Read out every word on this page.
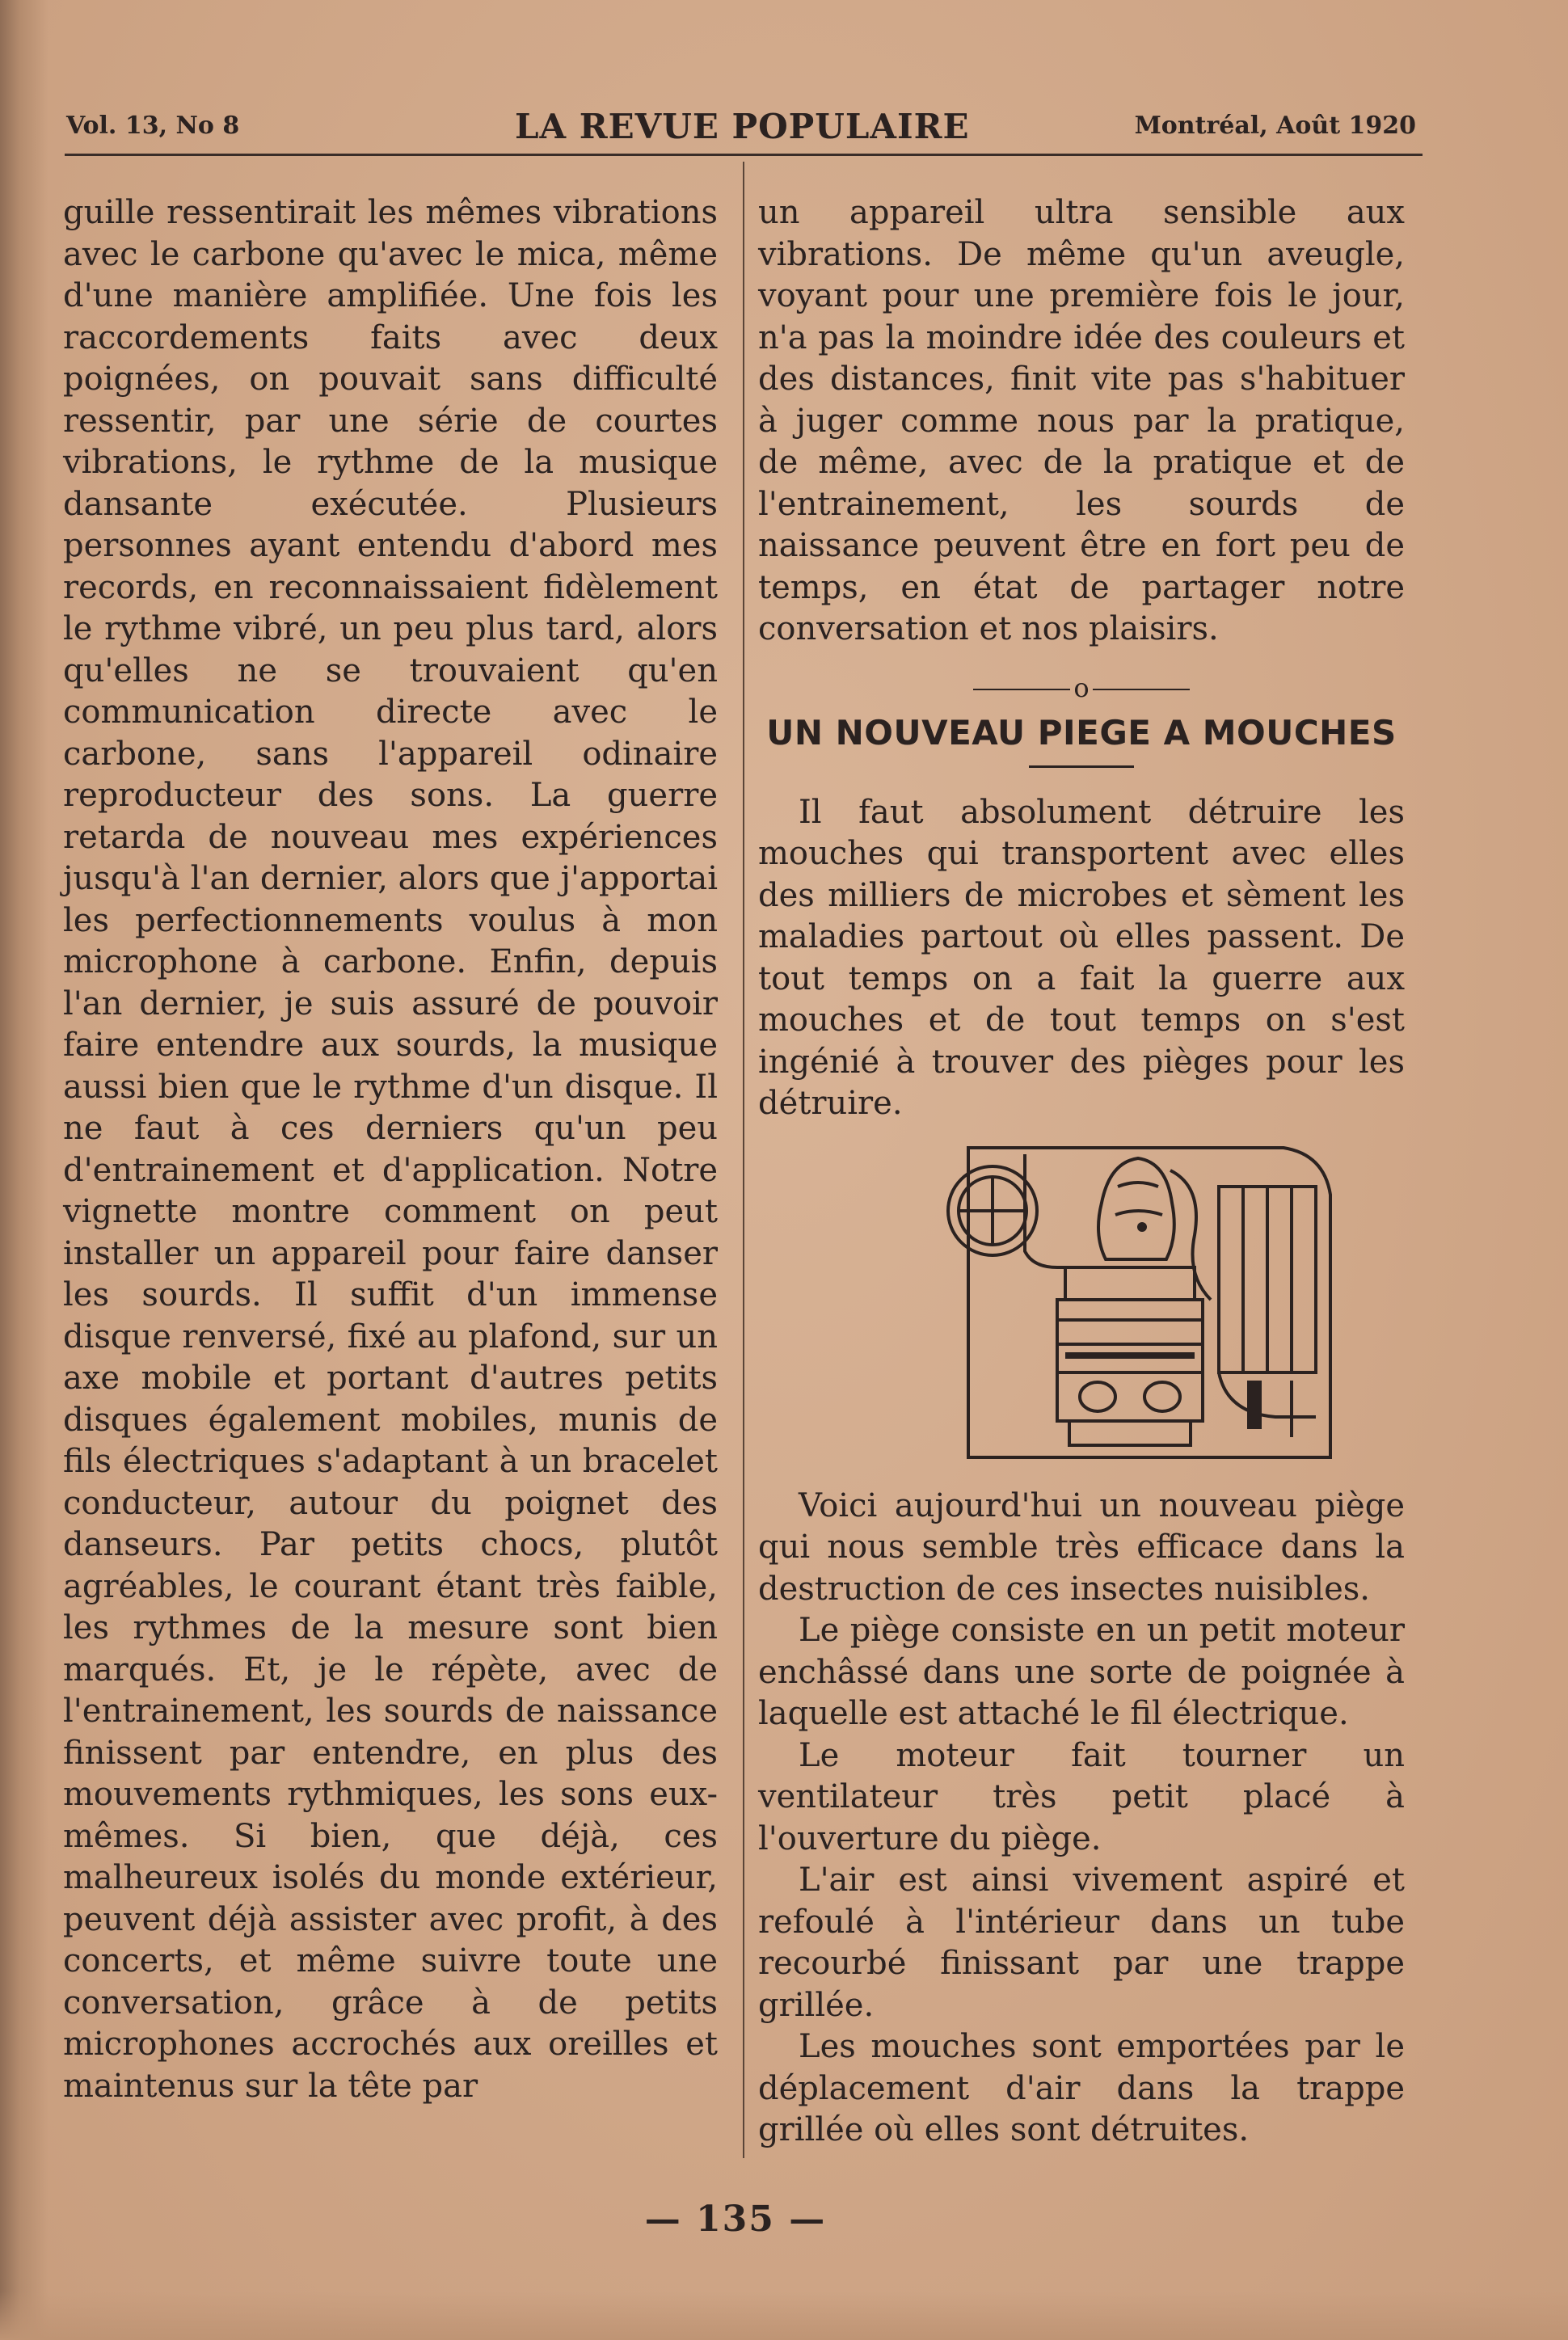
Vol. 13, No 8	LA REVUE POPULAIRE	Montréal, Août 1920

guille ressentirait les mêmes vibrations avec le carbone qu'avec le mica, même d'une manière amplifiée. Une fois les raccordements faits avec deux poignées, on pouvait sans difficulté ressentir, par une série de courtes vibrations, le rythme de la musique dansante exécutée. Plusieurs personnes ayant entendu d'abord mes records, en reconnaissaient fidèlement le rythme vibré, un peu plus tard, alors qu'elles ne se trouvaient qu'en communication directe avec le carbone, sans l'appareil odinaire reproducteur des sons. La guerre retarda de nouveau mes expériences jusqu'à l'an dernier, alors que j'apportai les perfectionnements voulus à mon microphone à carbone. Enfin, depuis l'an dernier, je suis assuré de pouvoir faire entendre aux sourds, la musique aussi bien que le rythme d'un disque. Il ne faut à ces derniers qu'un peu d'entrainement et d'application. Notre vignette montre comment on peut installer un appareil pour faire danser les sourds. Il suffit d'un immense disque renversé, fixé au plafond, sur un axe mobile et portant d'autres petits disques également mobiles, munis de fils électriques s'adaptant à un bracelet conducteur, autour du poignet des danseurs. Par petits chocs, plutôt agréables, le courant étant très faible, les rythmes de la mesure sont bien marqués. Et, je le répète, avec de l'entrainement, les sourds de naissance finissent par entendre, en plus des mouvements rythmiques, les sons eux-mêmes. Si bien, que déjà, ces malheureux isolés du monde extérieur, peuvent déjà assister avec profit, à des concerts, et même suivre toute une conversation, grâce à de petits microphones accrochés aux oreilles et maintenus sur la tête par

un appareil ultra sensible aux vibrations. De même qu'un aveugle, voyant pour une première fois le jour, n'a pas la moindre idée des couleurs et des distances, finit vite pas s'habituer à juger comme nous par la pratique, de même, avec de la pratique et de l'entrainement, les sourds de naissance peuvent être en fort peu de temps, en état de partager notre conversation et nos plaisirs.

o
UN NOUVEAU PIEGE A MOUCHES

Il faut absolument détruire les mouches qui transportent avec elles des milliers de microbes et sèment les maladies partout où elles passent. De tout temps on a fait la guerre aux mouches et de tout temps on s'est ingénié à trouver des pièges pour les détruire.

Voici aujourd'hui un nouveau piège qui nous semble très efficace dans la destruction de ces insectes nuisibles.

Le piège consiste en un petit moteur enchâssé dans une sorte de poignée à laquelle est attaché le fil électrique.

Le moteur fait tourner un ventilateur très petit placé à l'ouverture du piège.

L'air est ainsi vivement aspiré et refoulé à l'intérieur dans un tube recourbé finissant par une trappe grillée.

Les mouches sont emportées par le déplacement d'air dans la trappe grillée où elles sont détruites.

— 135 —
